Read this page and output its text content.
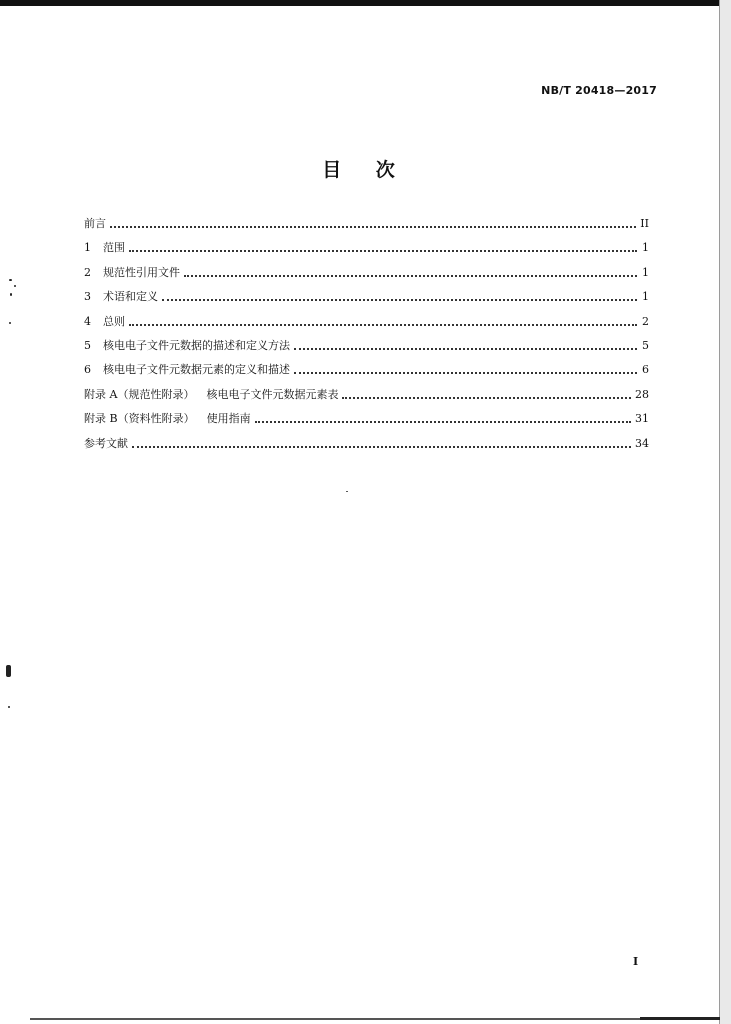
NB/T 20418—2017
目 次
前言	II
1	范围	1
2	规范性引用文件	1
3	术语和定义	1
4	总则	2
5	核电电子文件元数据的描述和定义方法	5
6	核电电子文件元数据元素的定义和描述	6
附录 A（规范性附录） 核电电子文件元数据元素表	28
附录 B（资料性附录） 使用指南	31
参考文献	34
I
